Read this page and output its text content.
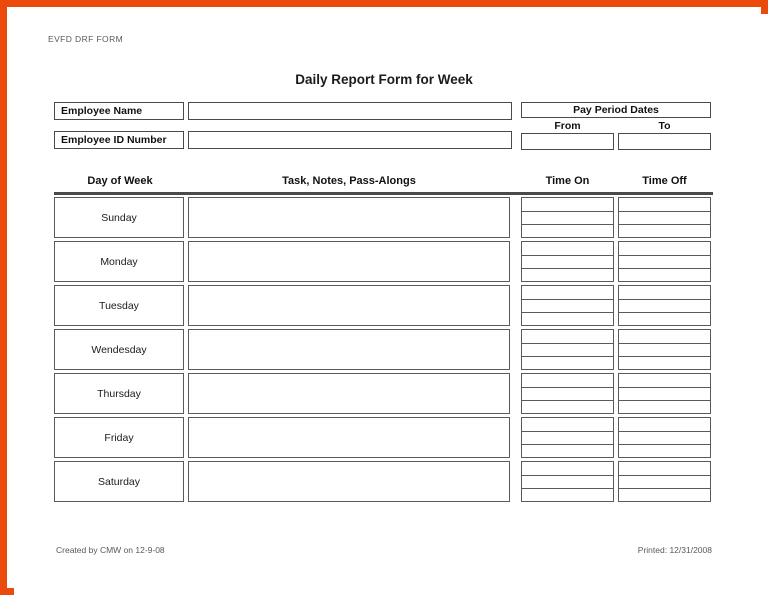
EVFD DRF FORM
Daily Report Form for Week
Employee Name
Employee ID Number
Pay Period Dates
From	To
Day of Week	Task, Notes, Pass-Alongs	Time On	Time Off
Sunday
Monday
Tuesday
Wendesday
Thursday
Friday
Saturday
Created by CMW on 12-9-08	Printed: 12/31/2008
